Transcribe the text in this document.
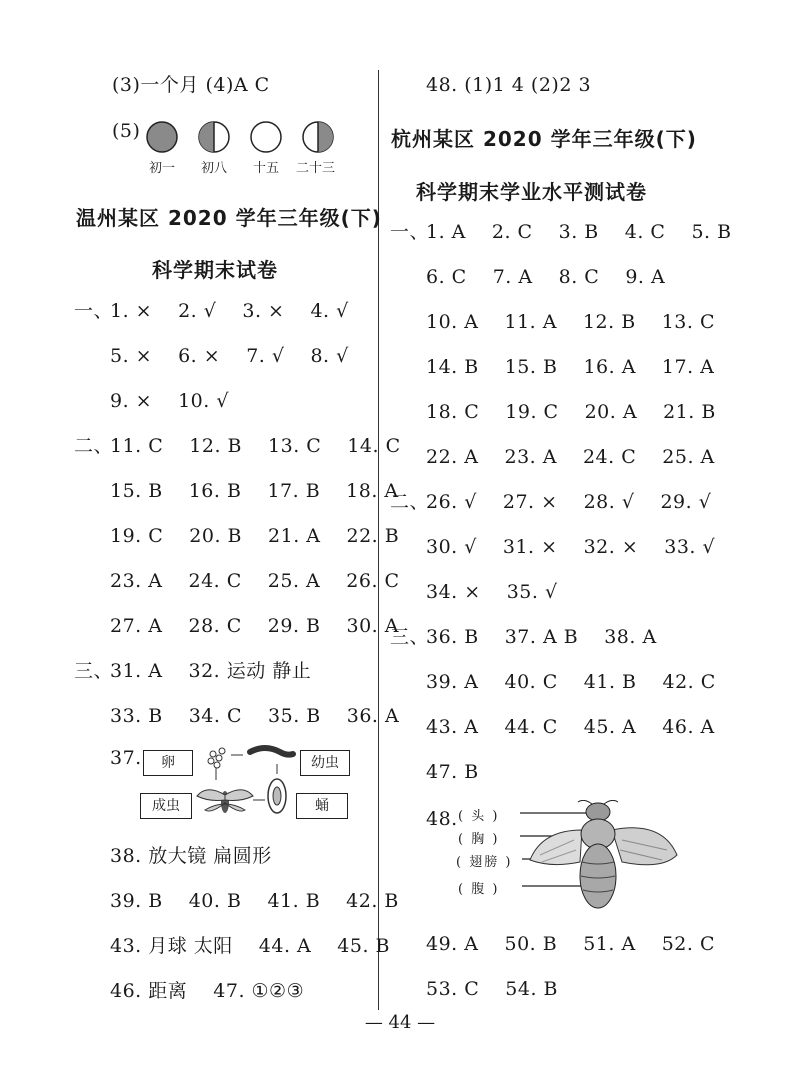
(3)一个月 (4)A C
(5)
初一 初八 十五 二十三
温州某区 2020 学年三年级(下)
科学期末试卷
一、
1. × 2. √ 3. × 4. √
5. × 6. × 7. √ 8. √
9. × 10. √
二、
11. C 12. B 13. C 14. C
15. B 16. B 17. B 18. A
19. C 20. B 21. A 22. B
23. A 24. C 25. A 26. C
27. A 28. C 29. B 30. A
三、
31. A 32. 运动 静止
33. B 34. C 35. B 36. A
37.	卵	幼虫
成虫	蛹
38. 放大镜 扁圆形
39. B 40. B 41. B 42. B
43. 月球 太阳 44. A 45. B
46. 距离 47. ①②③
48. (1)1 4 (2)2 3
杭州某区 2020 学年三年级(下)
科学期末学业水平测试卷
一、
1. A 2. C 3. B 4. C 5. B
6. C 7. A 8. C 9. A
10. A 11. A 12. B 13. C
14. B 15. B 16. A 17. A
18. C 19. C 20. A 21. B
22. A 23. A 24. C 25. A
二、
26. √ 27. × 28. √ 29. √
30. √ 31. × 32. × 33. √
34. × 35. √
三、
36. B 37. A B 38. A
39. A 40. C 41. B 42. C
43. A 44. C 45. A 46. A
47. B
48. ( 头 )
( 胸 )
( 翅膀 )
( 腹 )
49. A 50. B 51. A 52. C
53. C 54. B
— 44 —
